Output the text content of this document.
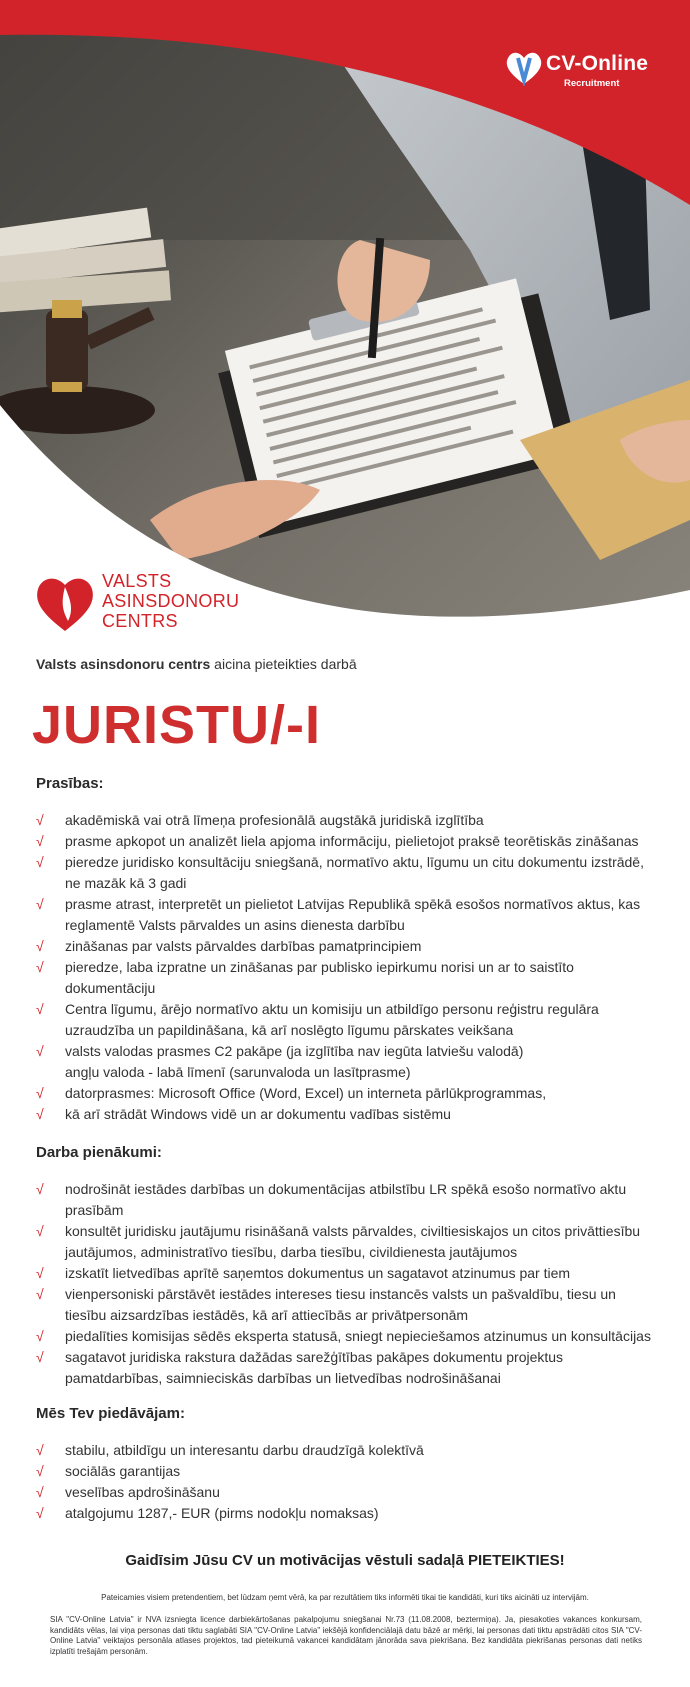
CV-Online
Recruitment
VALSTS
ASINSDONORU
CENTRS
Valsts asinsdonoru centrs aicina pieteikties darbā
JURISTU/-I
Prasības:
√ akadēmiskā vai otrā līmeņa profesionālā augstākā juridiskā izglītība
√ prasme apkopot un analizēt liela apjoma informāciju, pielietojot praksē teorētiskās zināšanas
√ pieredze juridisko konsultāciju sniegšanā, normatīvo aktu, līgumu un citu dokumentu izstrādē, ne mazāk kā 3 gadi
√ prasme atrast, interpretēt un pielietot Latvijas Republikā spēkā esošos normatīvos aktus, kas reglamentē Valsts pārvaldes un asins dienesta darbību
√ zināšanas par valsts pārvaldes darbības pamatprincipiem
√ pieredze, laba izpratne un zināšanas par publisko iepirkumu norisi un ar to saistīto dokumentāciju
√ Centra līgumu, ārējo normatīvo aktu un komisiju un atbildīgo personu reģistru regulāra uzraudzība un papildināšana, kā arī noslēgto līgumu pārskates veikšana
√ valsts valodas prasmes C2 pakāpe (ja izglītība nav iegūta latviešu valodā)
angļu valoda - labā līmenī (sarunvaloda un lasītprasme)
√ datorprasmes: Microsoft Office (Word, Excel) un interneta pārlūkprogrammas,
√ kā arī strādāt Windows vidē un ar dokumentu vadības sistēmu
Darba pienākumi:
√ nodrošināt iestādes darbības un dokumentācijas atbilstību LR spēkā esošo normatīvo aktu prasībām
√ konsultēt juridisku jautājumu risināšanā valsts pārvaldes, civiltiesiskajos un citos privāttiesību jautājumos, administratīvo tiesību, darba tiesību, civildienesta jautājumos
√ izskatīt lietvedības aprītē saņemtos dokumentus un sagatavot atzinumus par tiem
√ vienpersoniski pārstāvēt iestādes intereses tiesu instancēs valsts un pašvaldību, tiesu un tiesību aizsardzības iestādēs, kā arī attiecībās ar privātpersonām
√ piedalīties komisijas sēdēs eksperta statusā, sniegt nepieciešamos atzinumus un konsultācijas
√ sagatavot juridiska rakstura dažādas sarežģītības pakāpes dokumentu projektus pamatdarbības, saimnieciskās darbības un lietvedības nodrošināšanai
Mēs Tev piedāvājam:
√ stabilu, atbildīgu un interesantu darbu draudzīgā kolektīvā
√ sociālās garantijas
√ veselības apdrošināšanu
√ atalgojumu 1287,- EUR (pirms nodokļu nomaksas)
Gaidīsim Jūsu CV un motivācijas vēstuli sadaļā PIETEIKTIES!
Pateicamies visiem pretendentiem, bet lūdzam ņemt vērā, ka par rezultātiem tiks informēti tikai tie kandidāti, kuri tiks aicināti uz intervijām.
SIA "CV-Online Latvia" ir NVA izsniegta licence darbiekārtošanas pakalpojumu sniegšanai Nr.73 (11.08.2008, beztermiņa). Ja, piesakoties vakances konkursam, kandidāts vēlas, lai viņa personas dati tiktu saglabāti SIA "CV-Online Latvia" iekšējā konfidenciālajā datu bāzē ar mērķi, lai personas dati tiktu apstrādāti citos SIA "CV-Online Latvia" veiktajos personāla atlases projektos, tad pieteikumā vakancei kandidātam jānorāda sava piekrišana. Bez kandidāta piekrišanas personas dati netiks izplatīti trešajām personām.
